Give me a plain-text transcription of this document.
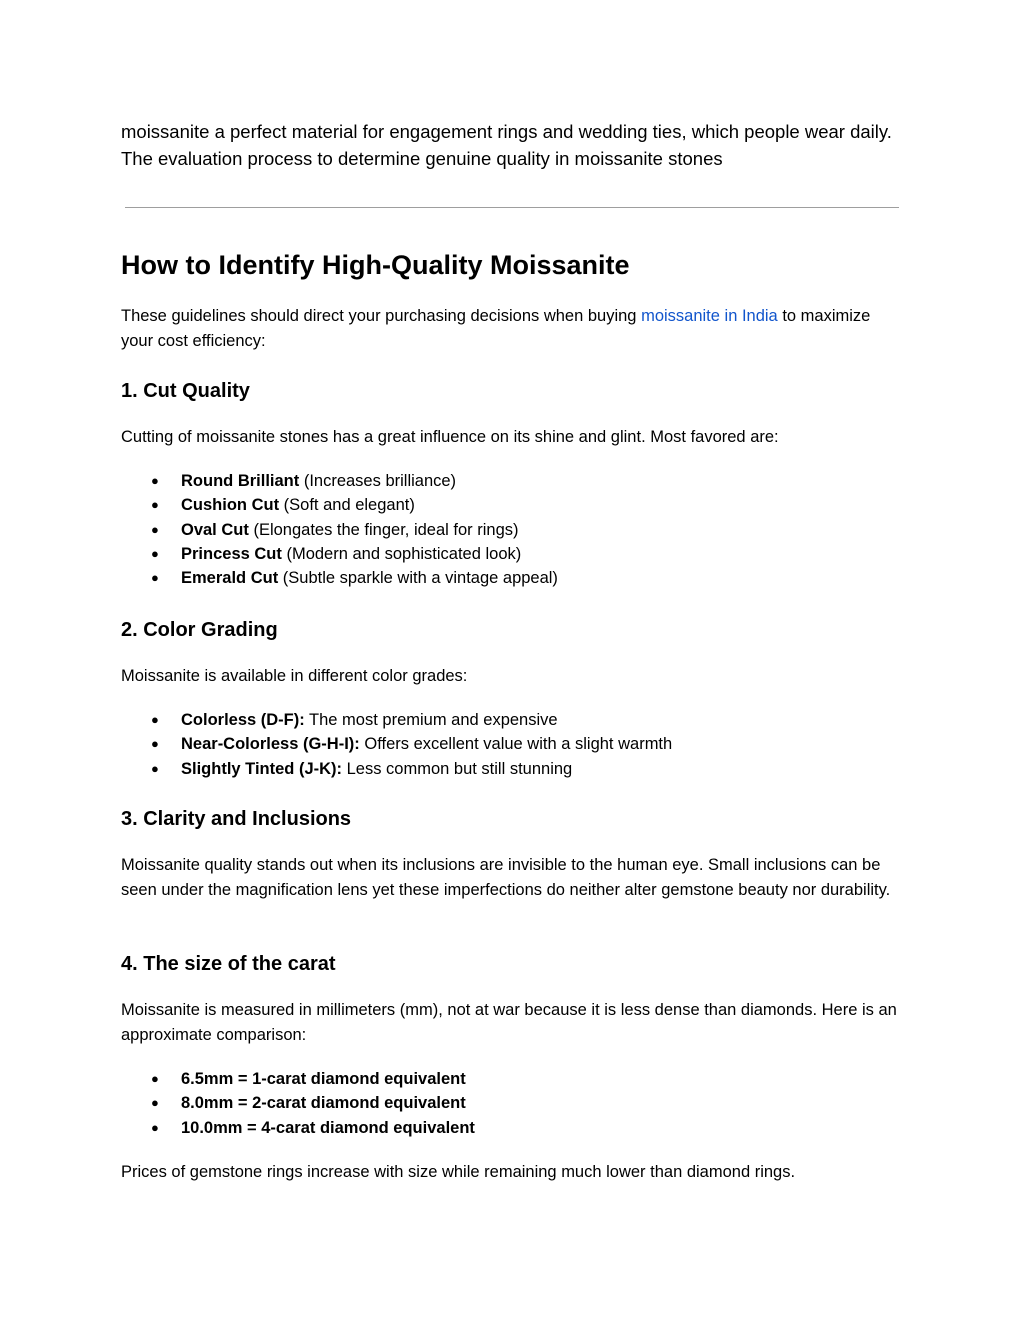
moissanite a perfect material for engagement rings and wedding ties, which people wear daily. The evaluation process to determine genuine quality in moissanite stones

How to Identify High-Quality Moissanite

These guidelines should direct your purchasing decisions when buying moissanite in India to maximize your cost efficiency:

1. Cut Quality

Cutting of moissanite stones has a great influence on its shine and glint. Most favored are:

● Round Brilliant (Increases brilliance)
● Cushion Cut (Soft and elegant)
● Oval Cut (Elongates the finger, ideal for rings)
● Princess Cut (Modern and sophisticated look)
● Emerald Cut (Subtle sparkle with a vintage appeal)
2. Color Grading

Moissanite is available in different color grades:

● Colorless (D-F): The most premium and expensive
● Near-Colorless (G-H-I): Offers excellent value with a slight warmth
● Slightly Tinted (J-K): Less common but still stunning
3. Clarity and Inclusions

Moissanite quality stands out when its inclusions are invisible to the human eye. Small inclusions can be seen under the magnification lens yet these imperfections do neither alter gemstone beauty nor durability.

4. The size of the carat

Moissanite is measured in millimeters (mm), not at war because it is less dense than diamonds. Here is an approximate comparison:

● 6.5mm = 1-carat diamond equivalent
● 8.0mm = 2-carat diamond equivalent
● 10.0mm = 4-carat diamond equivalent

Prices of gemstone rings increase with size while remaining much lower than diamond rings.
